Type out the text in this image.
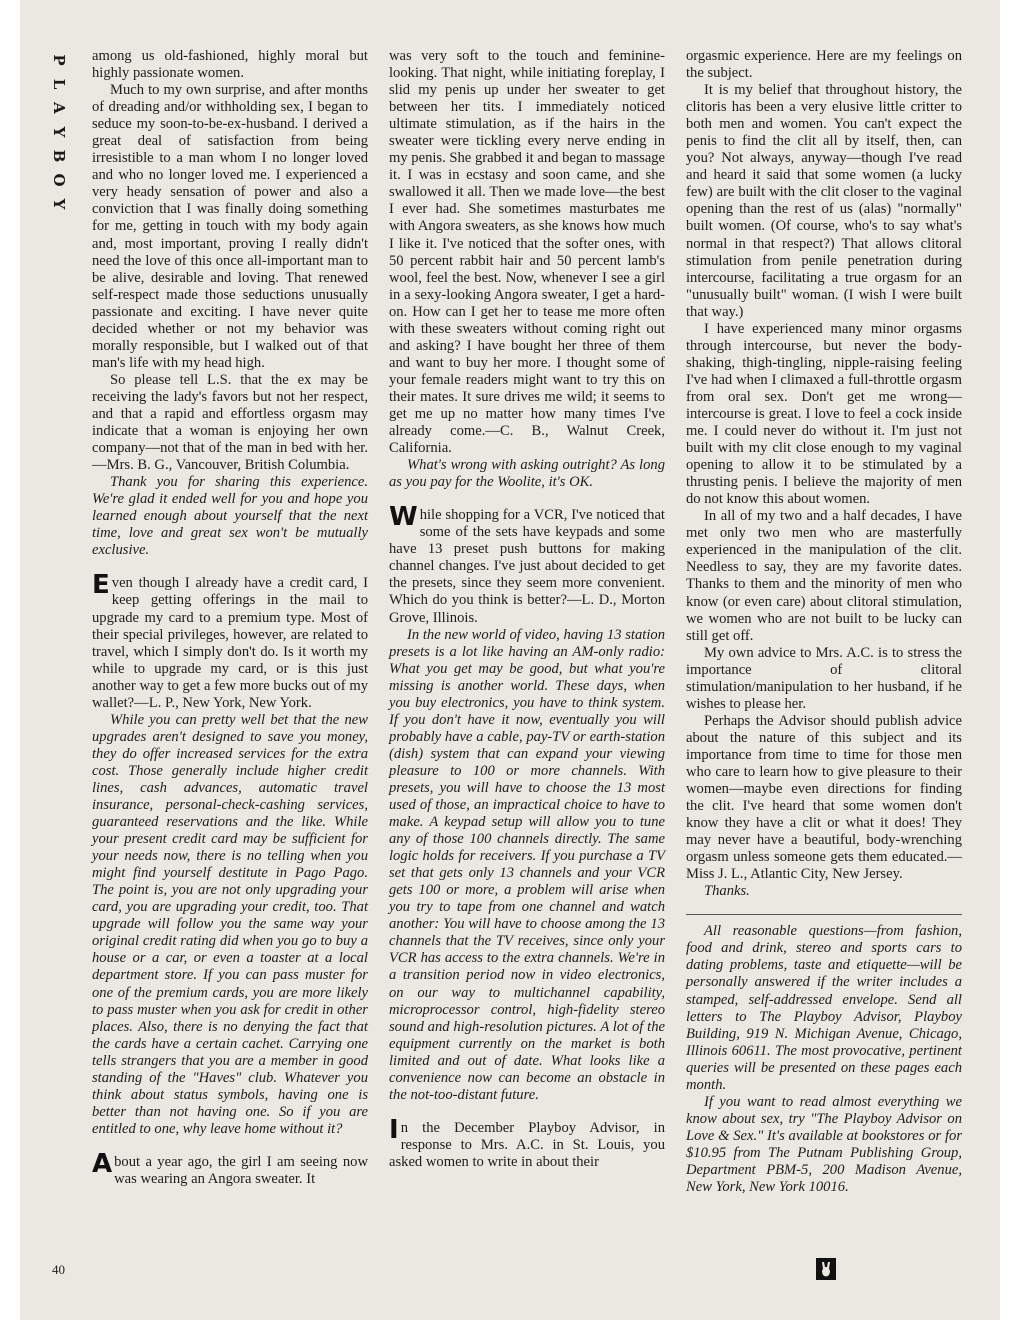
P
L
A
Y
B
O
Y
40

among us old-fashioned, highly moral but highly passionate women.

Much to my own surprise, and after months of dreading and/or withholding sex, I began to seduce my soon-to-be-ex-husband. I derived a great deal of satisfaction from being irresistible to a man whom I no longer loved and who no longer loved me. I experienced a very heady sensation of power and also a conviction that I was finally doing something for me, getting in touch with my body again and, most important, proving I really didn't need the love of this once all-important man to be alive, desirable and loving. That renewed self-respect made those seductions unusually passionate and exciting. I have never quite decided whether or not my behavior was morally responsible, but I walked out of that man's life with my head high.

So please tell L.S. that the ex may be receiving the lady's favors but not her respect, and that a rapid and effortless orgasm may indicate that a woman is enjoying her own company—not that of the man in bed with her.—Mrs. B. G., Vancouver, British Columbia.

Thank you for sharing this experience. We're glad it ended well for you and hope you learned enough about yourself that the next time, love and great sex won't be mutually exclusive.

Even though I already have a credit card, I keep getting offerings in the mail to upgrade my card to a premium type. Most of their special privileges, however, are related to travel, which I simply don't do. Is it worth my while to upgrade my card, or is this just another way to get a few more bucks out of my wallet?—L. P., New York, New York.

While you can pretty well bet that the new upgrades aren't designed to save you money, they do offer increased services for the extra cost. Those generally include higher credit lines, cash advances, automatic travel insurance, personal-check-cashing services, guaranteed reservations and the like. While your present credit card may be sufficient for your needs now, there is no telling when you might find yourself destitute in Pago Pago. The point is, you are not only upgrading your card, you are upgrading your credit, too. That upgrade will follow you the same way your original credit rating did when you go to buy a house or a car, or even a toaster at a local department store. If you can pass muster for one of the premium cards, you are more likely to pass muster when you ask for credit in other places. Also, there is no denying the fact that the cards have a certain cachet. Carrying one tells strangers that you are a member in good standing of the "Haves" club. Whatever you think about status symbols, having one is better than not having one. So if you are entitled to one, why leave home without it?

About a year ago, the girl I am seeing now was wearing an Angora sweater. It

was very soft to the touch and feminine-looking. That night, while initiating foreplay, I slid my penis up under her sweater to get between her tits. I immediately noticed ultimate stimulation, as if the hairs in the sweater were tickling every nerve ending in my penis. She grabbed it and began to massage it. I was in ecstasy and soon came, and she swallowed it all. Then we made love—the best I ever had. She sometimes masturbates me with Angora sweaters, as she knows how much I like it. I've noticed that the softer ones, with 50 percent rabbit hair and 50 percent lamb's wool, feel the best. Now, whenever I see a girl in a sexy-looking Angora sweater, I get a hard-on. How can I get her to tease me more often with these sweaters without coming right out and asking? I have bought her three of them and want to buy her more. I thought some of your female readers might want to try this on their mates. It sure drives me wild; it seems to get me up no matter how many times I've already come.—C. B., Walnut Creek, California.

What's wrong with asking outright? As long as you pay for the Woolite, it's OK.

While shopping for a VCR, I've noticed that some of the sets have keypads and some have 13 preset push buttons for making channel changes. I've just about decided to get the presets, since they seem more convenient. Which do you think is better?—L. D., Morton Grove, Illinois.

In the new world of video, having 13 station presets is a lot like having an AM-only radio: What you get may be good, but what you're missing is another world. These days, when you buy electronics, you have to think system. If you don't have it now, eventually you will probably have a cable, pay-TV or earth-station (dish) system that can expand your viewing pleasure to 100 or more channels. With presets, you will have to choose the 13 most used of those, an impractical choice to have to make. A keypad setup will allow you to tune any of those 100 channels directly. The same logic holds for receivers. If you purchase a TV set that gets only 13 channels and your VCR gets 100 or more, a problem will arise when you try to tape from one channel and watch another: You will have to choose among the 13 channels that the TV receives, since only your VCR has access to the extra channels. We're in a transition period now in video electronics, on our way to multichannel capability, microprocessor control, high-fidelity stereo sound and high-resolution pictures. A lot of the equipment currently on the market is both limited and out of date. What looks like a convenience now can become an obstacle in the not-too-distant future.

In the December Playboy Advisor, in response to Mrs. A.C. in St. Louis, you asked women to write in about their

orgasmic experience. Here are my feelings on the subject.

It is my belief that throughout history, the clitoris has been a very elusive little critter to both men and women. You can't expect the penis to find the clit all by itself, then, can you? Not always, anyway—though I've read and heard it said that some women (a lucky few) are built with the clit closer to the vaginal opening than the rest of us (alas) "normally" built women. (Of course, who's to say what's normal in that respect?) That allows clitoral stimulation from penile penetration during intercourse, facilitating a true orgasm for an "unusually built" woman. (I wish I were built that way.)

I have experienced many minor orgasms through intercourse, but never the body-shaking, thigh-tingling, nipple-raising feeling I've had when I climaxed a full-throttle orgasm from oral sex. Don't get me wrong—intercourse is great. I love to feel a cock inside me. I could never do without it. I'm just not built with my clit close enough to my vaginal opening to allow it to be stimulated by a thrusting penis. I believe the majority of men do not know this about women.

In all of my two and a half decades, I have met only two men who are masterfully experienced in the manipulation of the clit. Needless to say, they are my favorite dates. Thanks to them and the minority of men who know (or even care) about clitoral stimulation, we women who are not built to be lucky can still get off.

My own advice to Mrs. A.C. is to stress the importance of clitoral stimulation/manipulation to her husband, if he wishes to please her.

Perhaps the Advisor should publish advice about the nature of this subject and its importance from time to time for those men who care to learn how to give pleasure to their women—maybe even directions for finding the clit. I've heard that some women don't know they have a clit or what it does! They may never have a beautiful, body-wrenching orgasm unless someone gets them educated.—Miss J. L., Atlantic City, New Jersey.

Thanks.

All reasonable questions—from fashion, food and drink, stereo and sports cars to dating problems, taste and etiquette—will be personally answered if the writer includes a stamped, self-addressed envelope. Send all letters to The Playboy Advisor, Playboy Building, 919 N. Michigan Avenue, Chicago, Illinois 60611. The most provocative, pertinent queries will be presented on these pages each month.

If you want to read almost everything we know about sex, try "The Playboy Advisor on Love & Sex." It's available at bookstores or for $10.95 from The Putnam Publishing Group, Department PBM-5, 200 Madison Avenue, New York, New York 10016.
